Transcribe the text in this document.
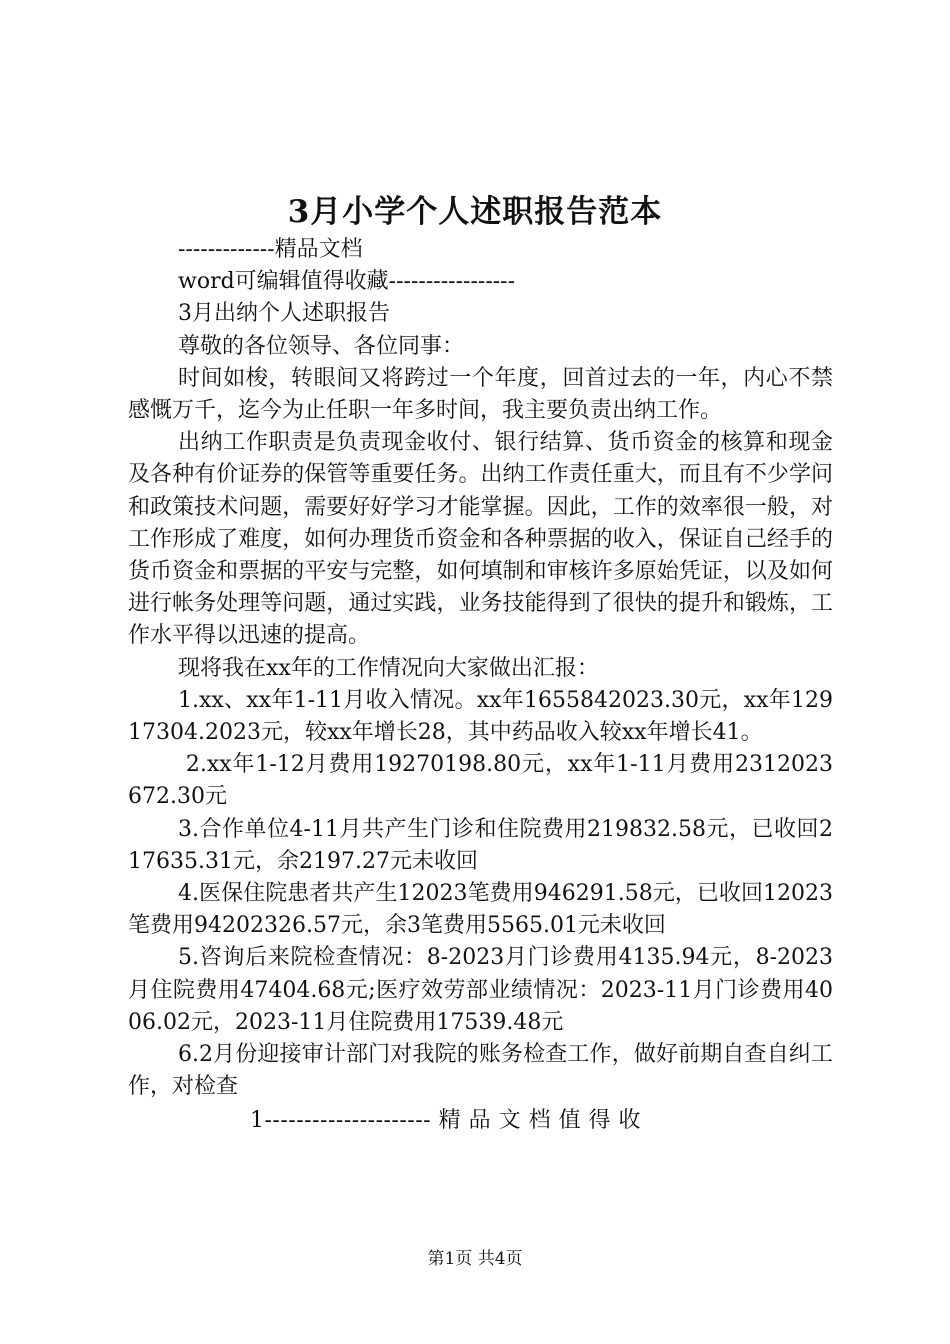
3月小学个人述职报告范本

-------------精品文档

word可编辑值得收藏-----------------

3月出纳个人述职报告

尊敬的各位领导、各位同事：

时间如梭，转眼间又将跨过一个年度，回首过去的一年，内心不禁感慨万千，迄今为止任职一年多时间，我主要负责出纳工作。

出纳工作职责是负责现金收付、银行结算、货币资金的核算和现金及各种有价证券的保管等重要任务。出纳工作责任重大，而且有不少学问和政策技术问题，需要好好学习才能掌握。因此，工作的效率很一般，对工作形成了难度，如何办理货币资金和各种票据的收入，保证自己经手的货币资金和票据的平安与完整，如何填制和审核许多原始凭证，以及如何进行帐务处理等问题，通过实践，业务技能得到了很快的提升和锻炼，工作水平得以迅速的提高。

现将我在xx年的工作情况向大家做出汇报：

1.xx、xx年1-11月收入情况。xx年1655842023.30元，xx年12917304.2023元，较xx年增长28，其中药品收入较xx年增长41。

2.xx年1-12月费用19270198.80元，xx年1-11月费用2312023672.30元

3.合作单位4-11月共产生门诊和住院费用219832.58元，已收回217635.31元，余2197.27元未收回

4.医保住院患者共产生12023笔费用946291.58元，已收回12023笔费用94202326.57元，余3笔费用5565.01元未收回

5.咨询后来院检查情况：8-2023月门诊费用4135.94元，8-2023月住院费用47404.68元;医疗效劳部业绩情况：2023-11月门诊费用4006.02元，2023-11月住院费用17539.48元

6.2月份迎接审计部门对我院的账务检查工作，做好前期自查自纠工作，对检查

1--------------------- 精 品 文 档 值 得 收

第1页 共4页
